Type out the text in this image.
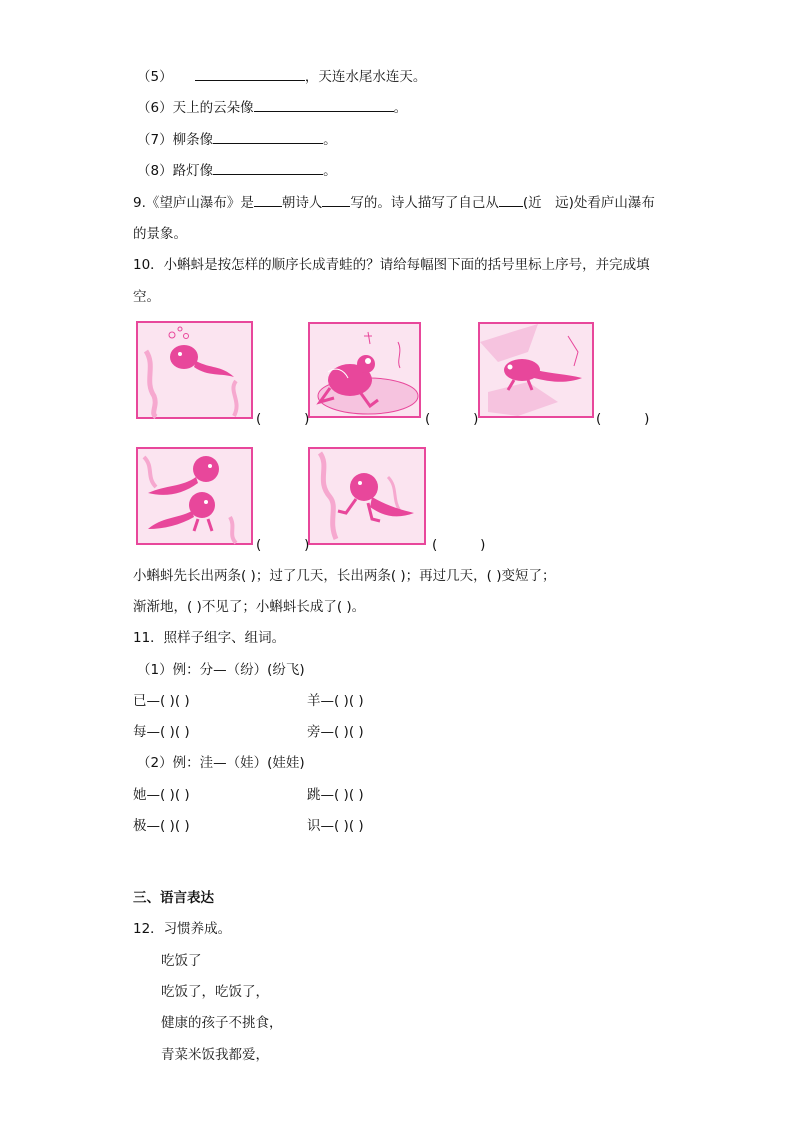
（5）	，天连水尾水连天。
（6）天上的云朵像	。
（7）柳条像	。
（8）路灯像	。
9.《望庐山瀑布》是 朝诗人 写的。诗人描写了自己从 (近　远)处看庐山瀑布
的景象。
10．小蝌蚪是按怎样的顺序长成青蛙的？请给每幅图下面的括号里标上序号，并完成填
空。
(          )	(          )	(          )
(          )	(          )
小蝌蚪先长出两条( )；过了几天，长出两条( )；再过几天，( )变短了；
渐渐地，( )不见了；小蝌蚪长成了( )。
11．照样子组字、组词。
（1）例：分—（纷）(纷飞)
已—( )( )	羊—( )( )
每—( )( )	旁—( )( )
（2）例：洼—（娃）(娃娃)
她—( )( )	跳—( )( )
极—( )( )	识—( )( )
三、语言表达
12．习惯养成。
吃饭了
吃饭了，吃饭了，
健康的孩子不挑食，
青菜米饭我都爱，
